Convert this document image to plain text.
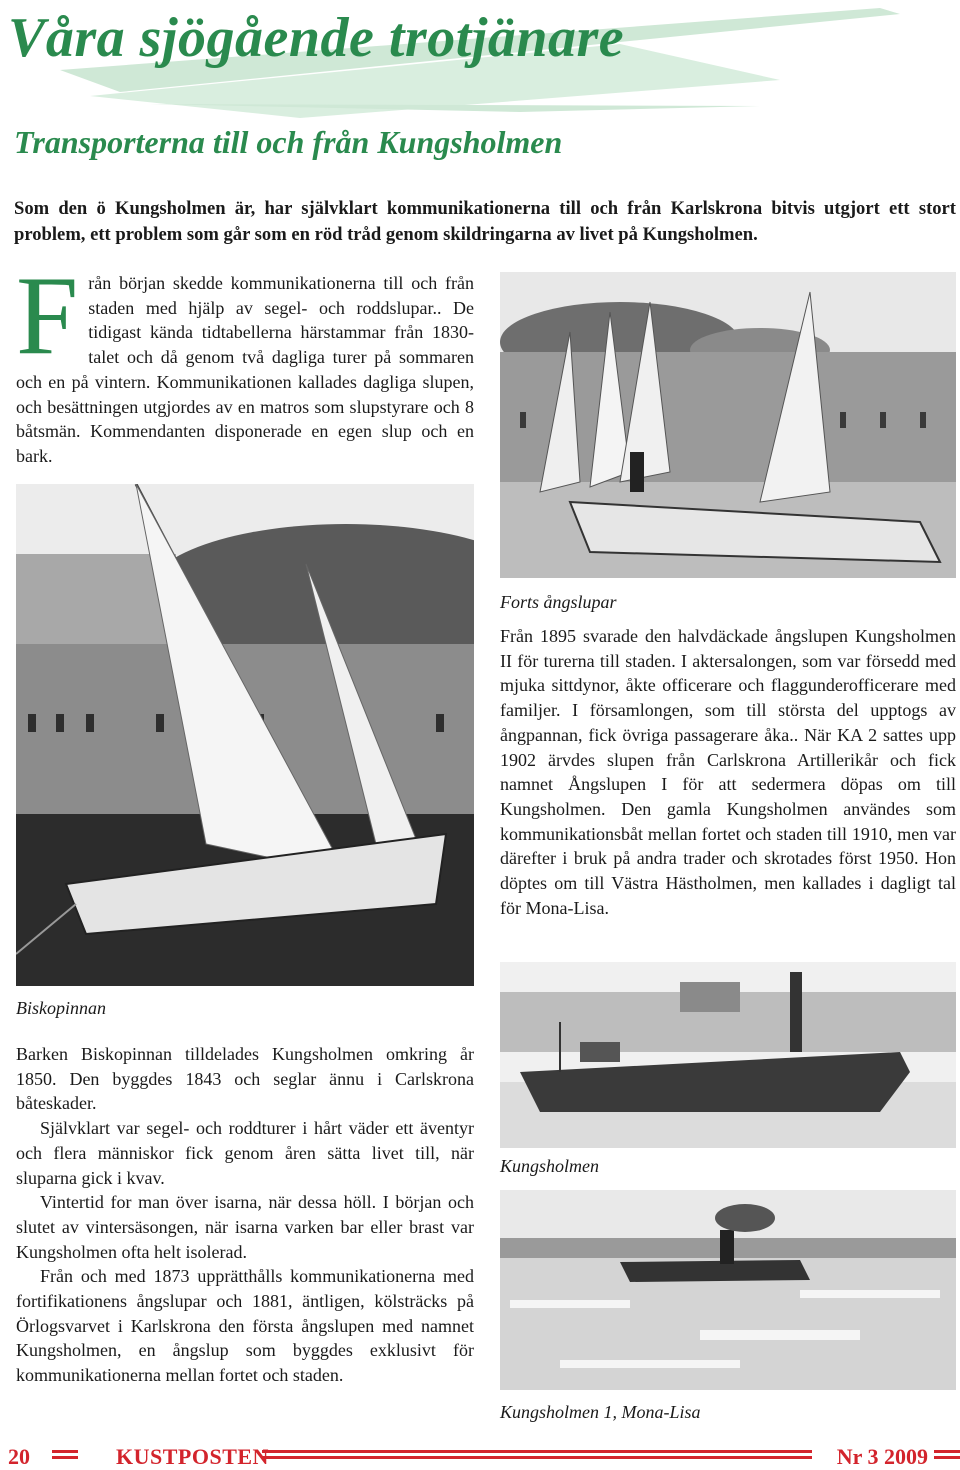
Våra sjögående trotjänare
Transporterna till och från Kungsholmen

Som den ö Kungsholmen är, har självklart kommunikationerna till och från Karlskrona bitvis utgjort ett stort problem, ett problem som går som en röd tråd genom skildringarna av livet på Kungsholmen.

Från början skedde kommunikationerna till och från staden med hjälp av segel- och roddslupar.. De tidigast kända tidtabellerna härstammar från 1830-talet och då genom två dagliga turer på sommaren och en på vintern. Kommunikationen kallades dagliga slupen, och besättningen utgjordes av en matros som slupstyrare och 8 båtsmän. Kommendanten disponerade en egen slup och en bark.

Forts ångslupar

Från 1895 svarade den halvdäckade ångslupen Kungsholmen II för turerna till staden. I aktersalongen, som var försedd med mjuka sittdynor, åkte officerare och flaggunderofficerare med familjer. I församlongen, som till största del upptogs av ångpannan, fick övriga passagerare åka.. När KA 2 sattes upp 1902 ärvdes slupen från Carlskrona Artillerikår och fick namnet Ångslupen I för att sedermera döpas om till Kungsholmen. Den gamla Kungsholmen användes som kommunikationsbåt mellan fortet och staden till 1910, men var därefter i bruk på andra trader och skrotades först 1950. Hon döptes om till Västra Hästholmen, men kallades i dagligt tal för Mona-Lisa.

Biskopinnan

Barken Biskopinnan tilldelades Kungsholmen omkring år 1850. Den byggdes 1843 och seglar ännu i Carlskrona båteskader.

Självklart var segel- och roddturer i hårt väder ett äventyr och flera människor fick genom åren sätta livet till, när sluparna gick i kvav.

Vintertid for man över isarna, när dessa höll. I början och slutet av vintersäsongen, när isarna varken bar eller brast var Kungsholmen ofta helt isolerad.

Från och med 1873 upprätthålls kommunikationerna med fortifikationens ångslupar och 1881, äntligen, kölsträcks på Örlogsvarvet i Karlskrona den första ångslupen med namnet Kungsholmen, en ångslup som byggdes exklusivt för kommunikationerna mellan fortet och staden.

Kungsholmen

Kungsholmen 1, Mona-Lisa

20	KUSTPOSTEN	Nr 3 2009
